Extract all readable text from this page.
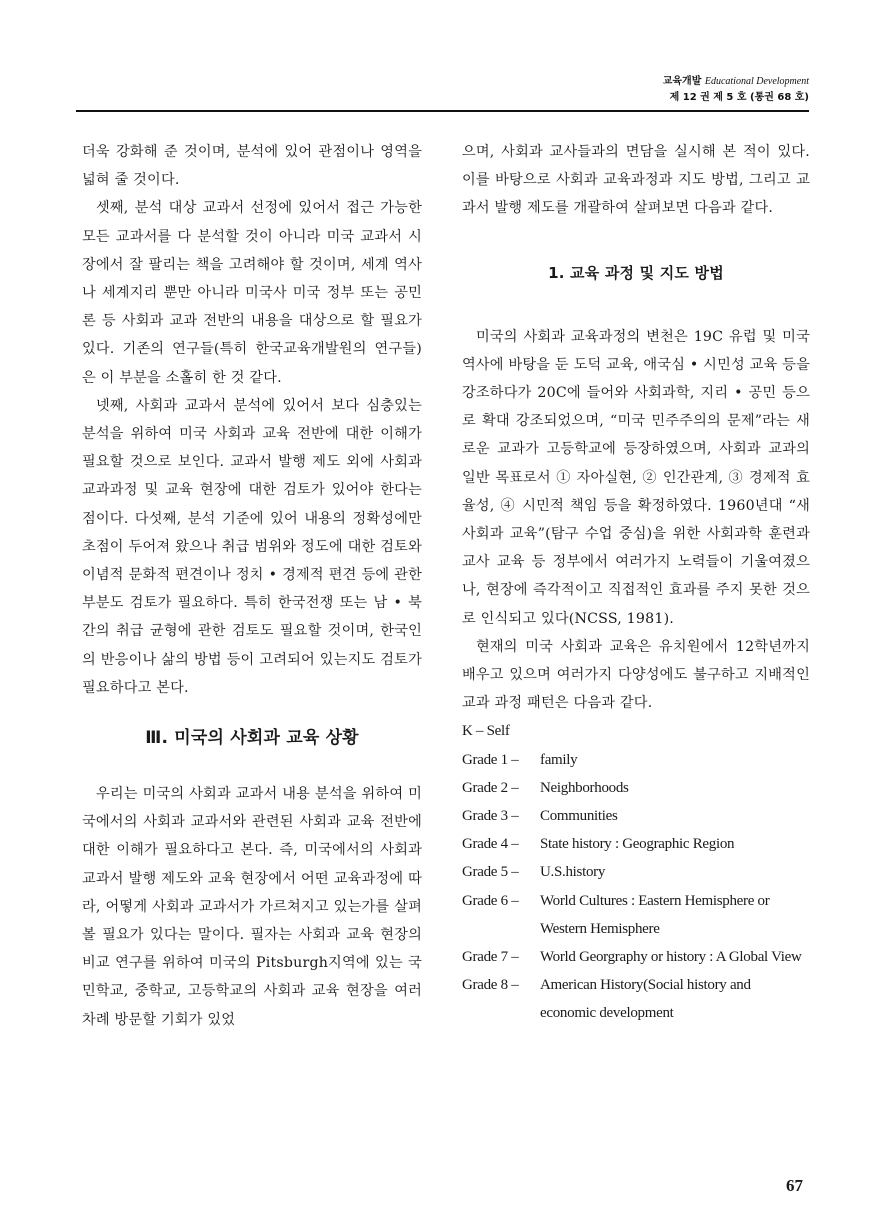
교육개발 Educational Development
제 12 권 제 5 호 (통권 68 호)

더욱 강화해 준 것이며, 분석에 있어 관점이나 영역을 넓혀 줄 것이다.

셋째, 분석 대상 교과서 선정에 있어서 접근 가능한 모든 교과서를 다 분석할 것이 아니라 미국 교과서 시장에서 잘 팔리는 책을 고려해야 할 것이며, 세계 역사나 세계지리 뿐만 아니라 미국사 미국 정부 또는 공민론 등 사회과 교과 전반의 내용을 대상으로 할 필요가 있다. 기존의 연구들(특히 한국교육개발원의 연구들)은 이 부분을 소홀히 한 것 같다.

넷째, 사회과 교과서 분석에 있어서 보다 심충있는 분석을 위하여 미국 사회과 교육 전반에 대한 이해가 필요할 것으로 보인다. 교과서 발행 제도 외에 사회과 교과과정 및 교육 현장에 대한 검토가 있어야 한다는 점이다. 다섯째, 분석 기준에 있어 내용의 정확성에만 초점이 두어져 왔으나 취급 범위와 정도에 대한 검토와 이념적 문화적 편견이나 정치 • 경제적 편견 등에 관한 부분도 검토가 필요하다. 특히 한국전쟁 또는 남 • 북간의 취급 균형에 관한 검토도 필요할 것이며, 한국인의 반응이나 삶의 방법 등이 고려되어 있는지도 검토가 필요하다고 본다.

Ⅲ. 미국의 사회과 교육 상황

우리는 미국의 사회과 교과서 내용 분석을 위하여 미국에서의 사회과 교과서와 관련된 사회과 교육 전반에 대한 이해가 필요하다고 본다. 즉, 미국에서의 사회과 교과서 발행 제도와 교육 현장에서 어떤 교육과정에 따라, 어떻게 사회과 교과서가 가르쳐지고 있는가를 살펴볼 필요가 있다는 말이다. 필자는 사회과 교육 현장의 비교 연구를 위하여 미국의 Pitsburgh지역에 있는 국민학교, 중학교, 고등학교의 사회과 교육 현장을 여러 차례 방문할 기회가 있었

으며, 사회과 교사들과의 면담을 실시해 본 적이 있다. 이를 바탕으로 사회과 교육과정과 지도 방법, 그리고 교과서 발행 제도를 개괄하여 살펴보면 다음과 같다.

1. 교육 과정 및 지도 방법

미국의 사회과 교육과정의 변천은 19C 유럽 및 미국 역사에 바탕을 둔 도덕 교육, 애국심 • 시민성 교육 등을 강조하다가 20C에 들어와 사회과학, 지리 • 공민 등으로 확대 강조되었으며, “미국 민주주의의 문제”라는 새로운 교과가 고등학교에 등장하였으며, 사회과 교과의 일반 목표로서 ① 자아실현, ② 인간관계, ③ 경제적 효율성, ④ 시민적 책임 등을 확정하였다. 1960년대 “새 사회과 교육”(탐구 수업 중심)을 위한 사회과학 훈련과 교사 교육 등 정부에서 여러가지 노력들이 기울여졌으나, 현장에 즉각적이고 직접적인 효과를 주지 못한 것으로 인식되고 있다(NCSS, 1981).

현재의 미국 사회과 교육은 유치원에서 12학년까지 배우고 있으며 여러가지 다양성에도 불구하고 지배적인 교과 과정 패턴은 다음과 같다.

K – Self
Grade 1 –	family
Grade 2 –	Neighborhoods
Grade 3 –	Communities
Grade 4 –	State history : Geographic Region
Grade 5 –	U.S.history
Grade 6 –	World Cultures : Eastern Hemisphere or Western Hemisphere
Grade 7 –	World Georgraphy or history : A Global View
Grade 8 –	American History(Social history and economic development
67
